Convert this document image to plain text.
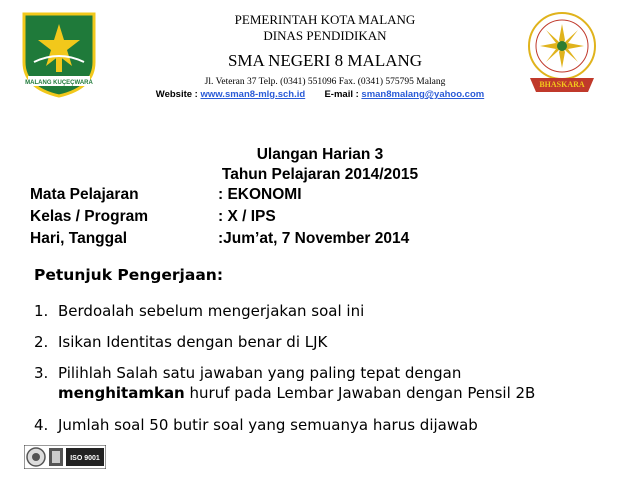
MALANG KUÇEÇWARA	BHASKARA
PEMERINTAH KOTA MALANG
DINAS PENDIDIKAN
SMA NEGERI 8 MALANG
Jl. Veteran 37 Telp. (0341) 551096 Fax. (0341) 575795 Malang
Website : www.sman8-mlg.sch.id E-mail : sman8malang@yahoo.com
Ulangan Harian 3
Tahun Pelajaran 2014/2015
Mata Pelajaran	: EKONOMI
Kelas / Program	: X / IPS
Hari, Tanggal	:Jum’at, 7 November 2014
Petunjuk Pengerjaan:
1. Berdoalah sebelum mengerjakan soal ini
2. Isikan Identitas dengan benar di LJK
3. Pilihlah Salah satu jawaban yang paling tepat dengan
menghitamkan huruf pada Lembar Jawaban dengan Pensil 2B
4. Jumlah soal 50 butir soal yang semuanya harus dijawab
ISO 9001
